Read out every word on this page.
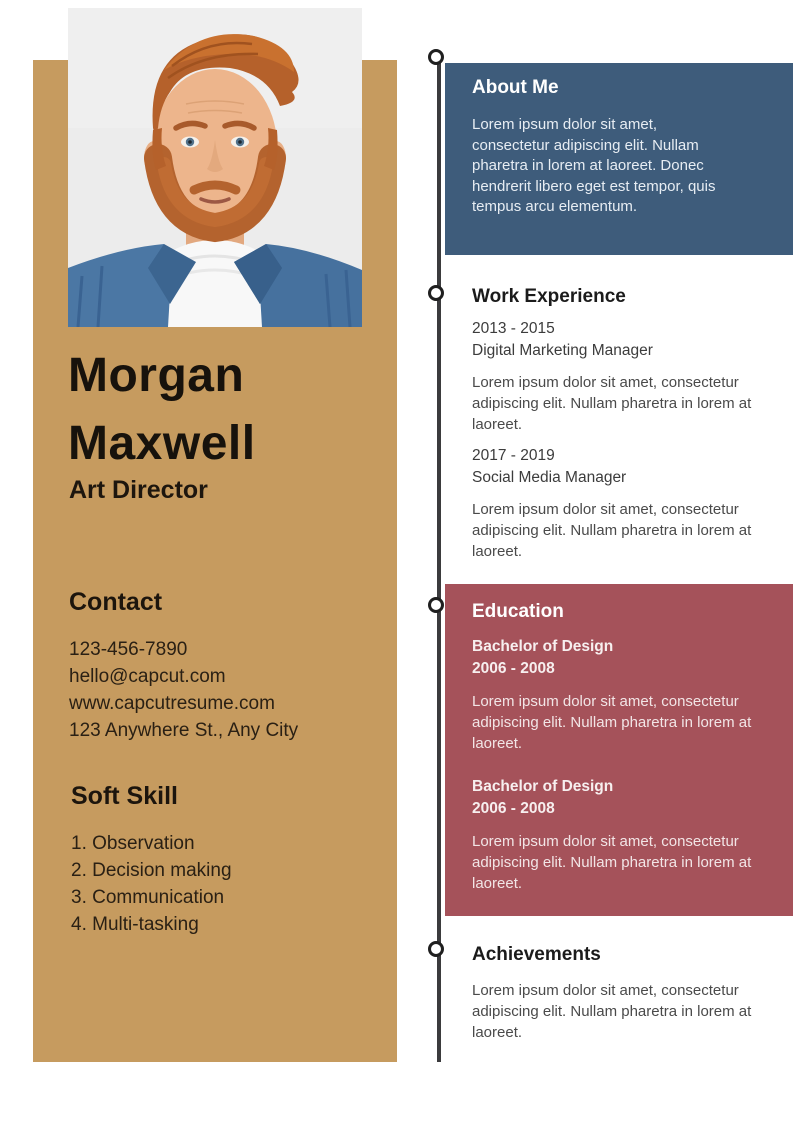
Morgan
Maxwell
Art Director
Contact
123-456-7890
hello@capcut.com
www.capcutresume.com
123 Anywhere St., Any City
Soft Skill
1. Observation
2. Decision making
3. Communication
4. Multi-tasking
About Me
Lorem ipsum dolor sit amet, consectetur adipiscing elit. Nullam pharetra in lorem at laoreet. Donec hendrerit libero eget est tempor, quis tempus arcu elementum.
Work Experience
2013 - 2015
Digital Marketing Manager
Lorem ipsum dolor sit amet, consectetur adipiscing elit. Nullam pharetra in lorem at laoreet.
2017 - 2019
Social Media Manager
Lorem ipsum dolor sit amet, consectetur adipiscing elit. Nullam pharetra in lorem at laoreet.
Education
Bachelor of Design
2006 - 2008
Lorem ipsum dolor sit amet, consectetur adipiscing elit. Nullam pharetra in lorem at laoreet.
Bachelor of Design
2006 - 2008
Lorem ipsum dolor sit amet, consectetur adipiscing elit. Nullam pharetra in lorem at laoreet.
Achievements
Lorem ipsum dolor sit amet, consectetur adipiscing elit. Nullam pharetra in lorem at laoreet.
